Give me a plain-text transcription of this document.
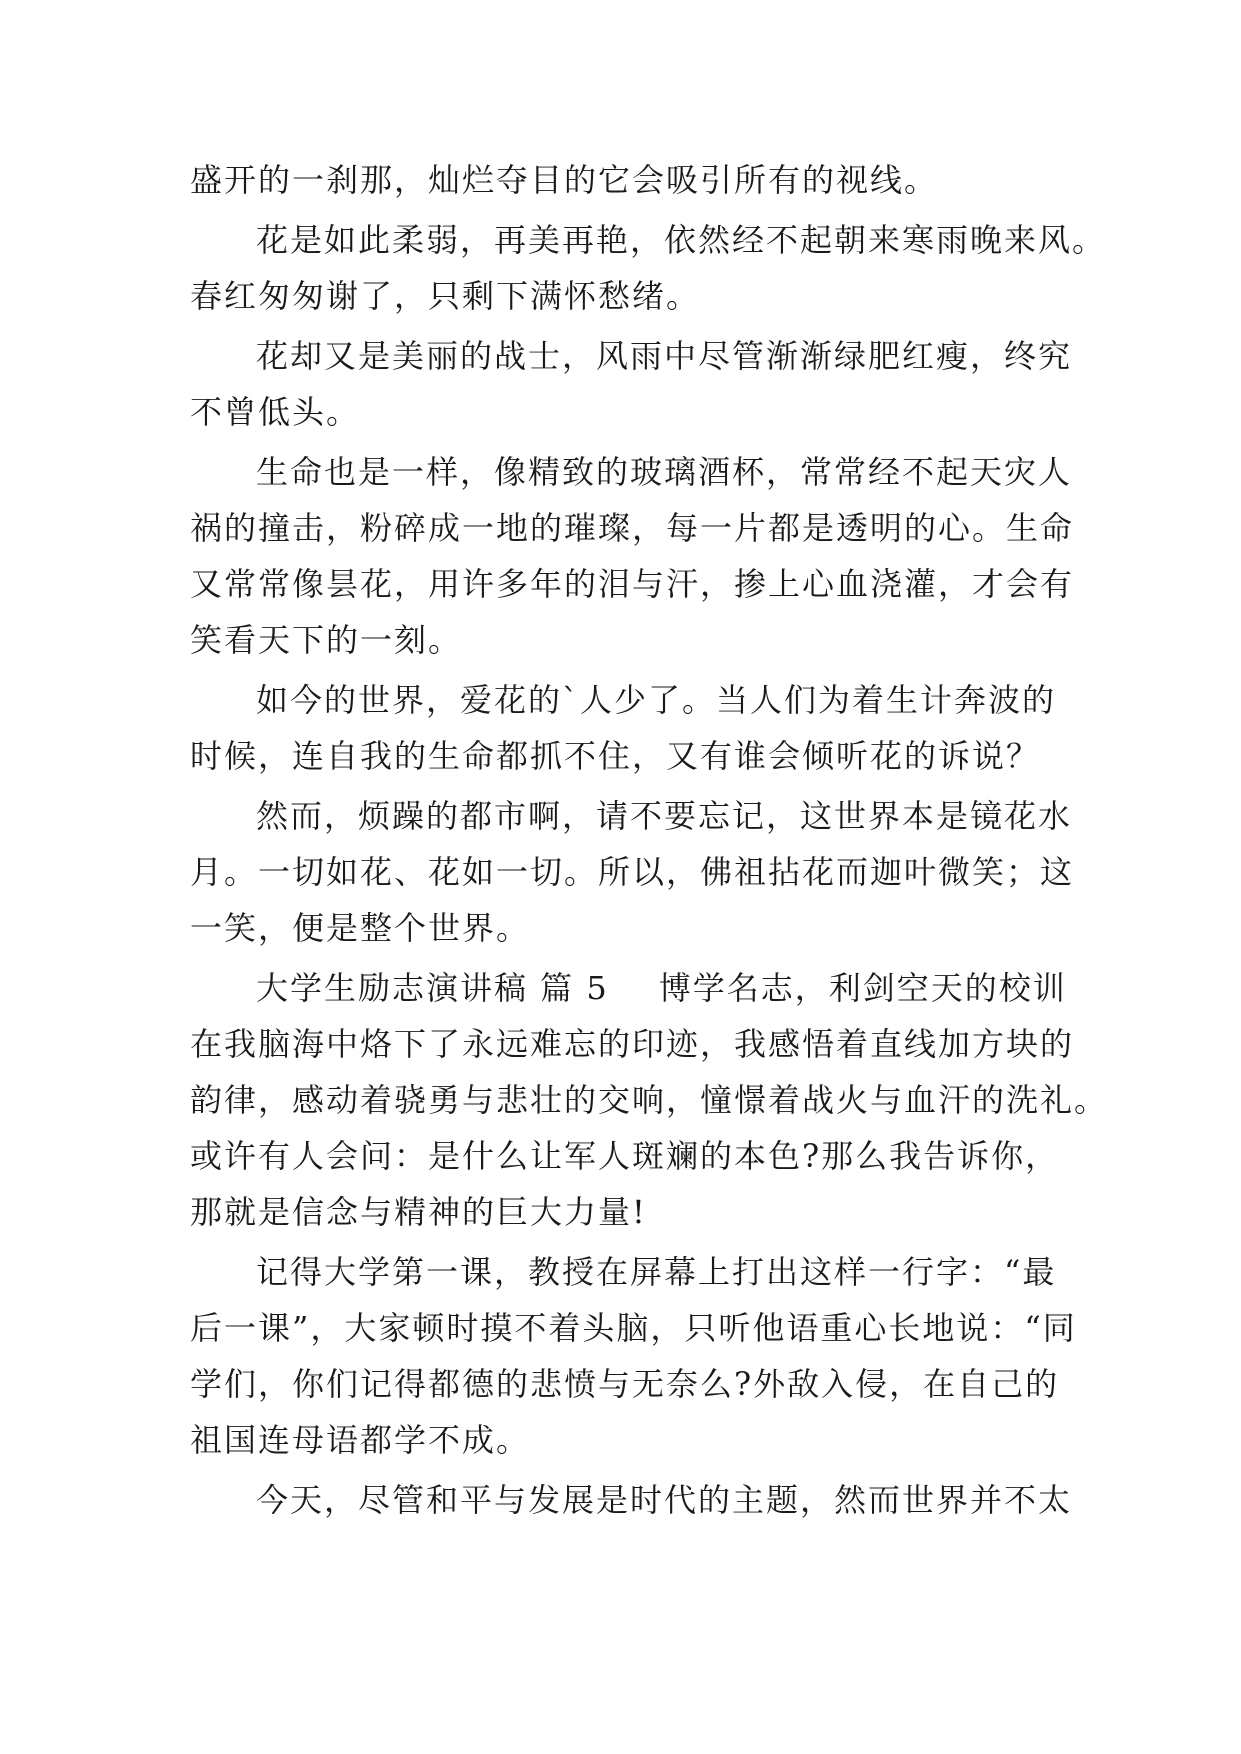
盛开的一刹那，灿烂夺目的它会吸引所有的视线。
花是如此柔弱，再美再艳，依然经不起朝来寒雨晚来风。
春红匆匆谢了，只剩下满怀愁绪。
花却又是美丽的战士，风雨中尽管渐渐绿肥红瘦，终究
不曾低头。
生命也是一样，像精致的玻璃酒杯，常常经不起天灾人
祸的撞击，粉碎成一地的璀璨，每一片都是透明的心。生命
又常常像昙花，用许多年的泪与汗，掺上心血浇灌，才会有
笑看天下的一刻。
如今的世界，爱花的`人少了。当人们为着生计奔波的
时候，连自我的生命都抓不住，又有谁会倾听花的诉说？
然而，烦躁的都市啊，请不要忘记，这世界本是镜花水
月。一切如花、花如一切。所以，佛祖拈花而迦叶微笑；这
一笑，便是整个世界。
大学生励志演讲稿 篇 5 博学名志，利剑空天的校训
在我脑海中烙下了永远难忘的印迹，我感悟着直线加方块的
韵律，感动着骁勇与悲壮的交响，憧憬着战火与血汗的洗礼。
或许有人会问：是什么让军人斑斓的本色?那么我告诉你，
那就是信念与精神的巨大力量!
记得大学第一课，教授在屏幕上打出这样一行字：“最
后一课”，大家顿时摸不着头脑，只听他语重心长地说：“同
学们，你们记得都德的悲愤与无奈么?外敌入侵，在自己的
祖国连母语都学不成。
今天，尽管和平与发展是时代的主题，然而世界并不太
